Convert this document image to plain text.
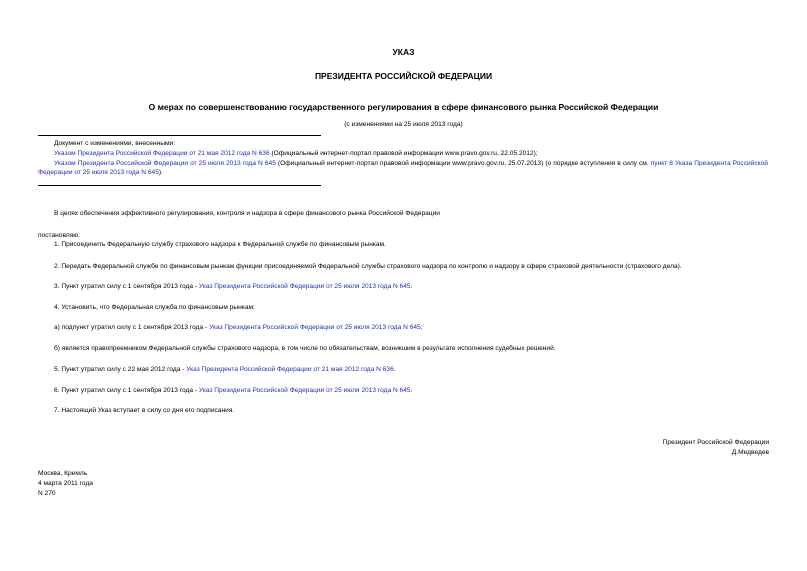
УКАЗ
ПРЕЗИДЕНТА РОССИЙСКОЙ ФЕДЕРАЦИИ
О мерах по совершенствованию государственного регулирования в сфере финансового рынка Российской Федерации
(с изменениями на 25 июля 2013 года)
Документ с изменениями, внесенными:
Указом Президента Российской Федерации от 21 мая 2012 года N 636 (Официальный интернет-портал правовой информации www.pravo.gov.ru, 22.05.2012);
Указом Президента Российской Федерации от 25 июля 2013 года N 645 (Официальный интернет-портал правовой информации www.pravo.gov.ru, 25.07.2013) (о порядке вступления в силу см. пункт 8 Указа Президента Российской Федерации от 25 июля 2013 года N 645).
В целях обеспечения эффективного регулирования, контроля и надзора в сфере финансового рынка Российской Федерации
постановляю:
1. Присоединить Федеральную службу страхового надзора к Федеральной службе по финансовым рынкам.
2. Передать Федеральной службе по финансовым рынкам функции присоединяемой Федеральной службы страхового надзора по контролю и надзору в сфере страховой деятельности (страхового дела).
3. Пункт утратил силу с 1 сентября 2013 года - Указ Президента Российской Федерации от 25 июля 2013 года N 645.
4. Установить, что Федеральная служба по финансовым рынкам:
а) подпункт утратил силу с 1 сентября 2013 года - Указ Президента Российской Федерации от 25 июля 2013 года N 645;
б) является правопреемником Федеральной службы страхового надзора, в том числе по обязательствам, возникшим в результате исполнения судебных решений.
5. Пункт утратил силу с 22 мая 2012 года - Указ Президента Российской Федерации от 21 мая 2012 года N 636.
6. Пункт утратил силу с 1 сентября 2013 года - Указ Президента Российской Федерации от 25 июля 2013 года N 645.
7. Настоящий Указ вступает в силу со дня его подписания.
Президент Российской Федерации
Д.Медведев
Москва, Кремль
4 марта 2011 года
N 270
